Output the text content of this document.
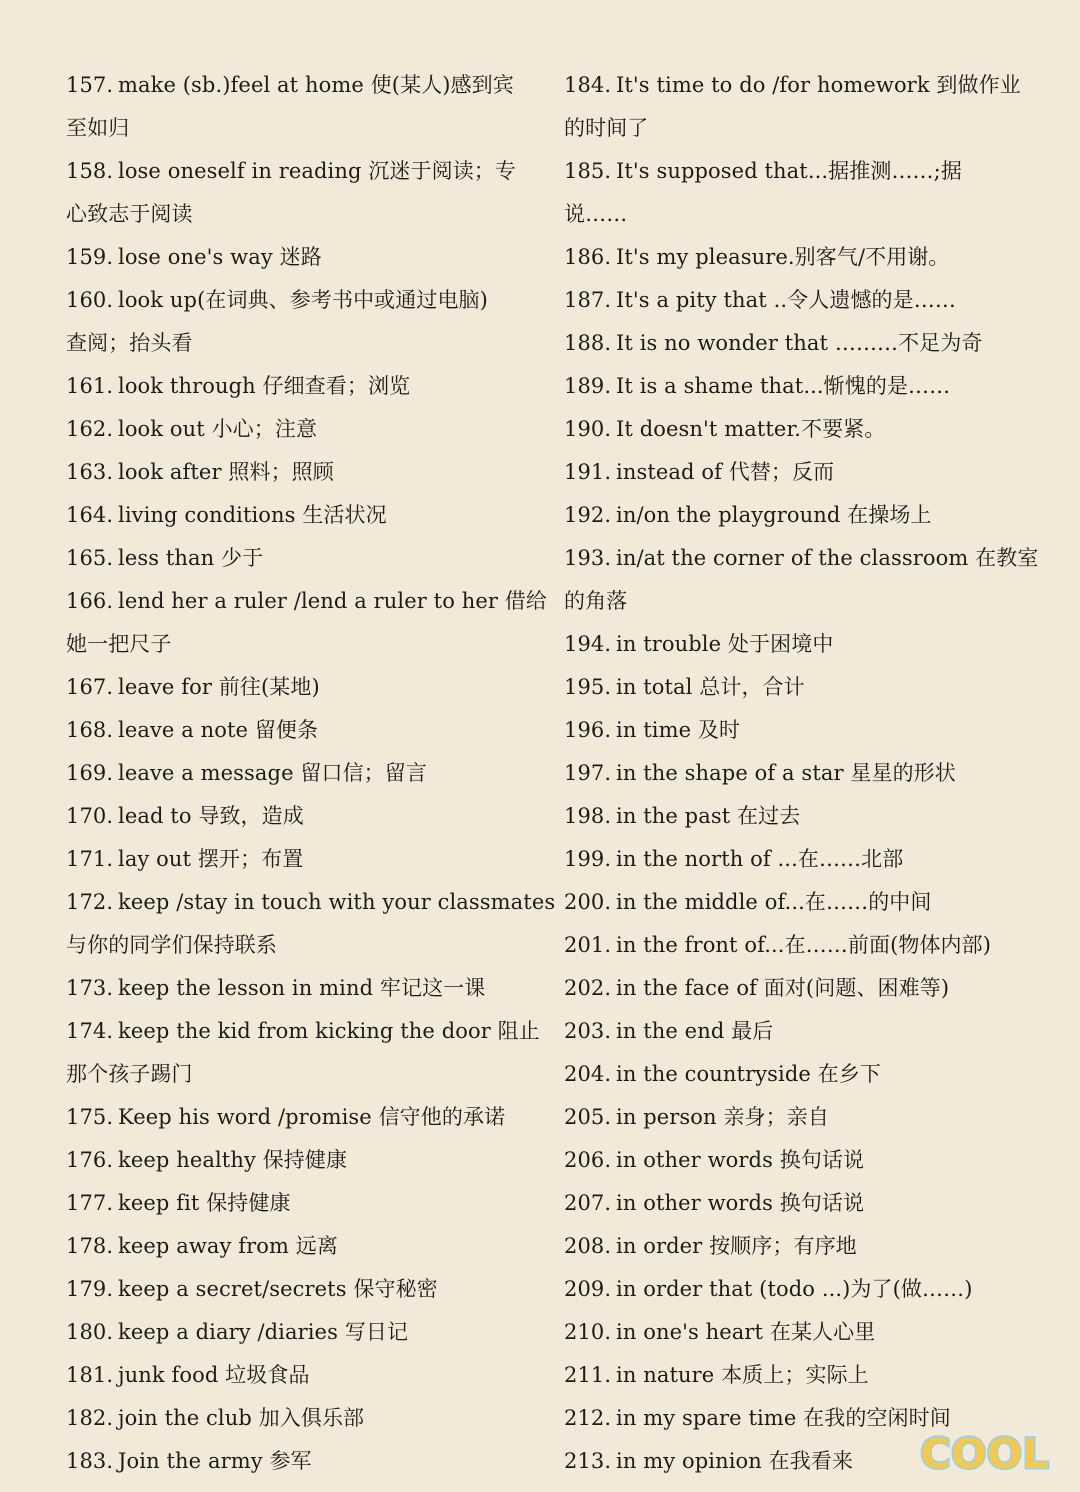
157. make (sb.)feel at home 使(某人)感到宾
至如归
158. lose oneself in reading 沉迷于阅读；专
心致志于阅读
159. lose one's way 迷路
160. look up(在词典、参考书中或通过电脑)
查阅；抬头看
161. look through 仔细查看；浏览
162. look out 小心；注意
163. look after 照料；照顾
164. living conditions 生活状况
165. less than 少于
166. lend her a ruler /lend a ruler to her 借给
她一把尺子
167. leave for 前往(某地)
168. leave a note 留便条
169. leave a message 留口信；留言
170. lead to 导致，造成
171. lay out 摆开；布置
172. keep /stay in touch with your classmates
与你的同学们保持联系
173. keep the lesson in mind 牢记这一课
174. keep the kid from kicking the door 阻止
那个孩子踢门
175. Keep his word /promise 信守他的承诺
176. keep healthy 保持健康
177. keep fit 保持健康
178. keep away from 远离
179. keep a secret/secrets 保守秘密
180. keep a diary /diaries 写日记
181. junk food 垃圾食品
182. join the club 加入俱乐部
183. Join the army 参军
184. It's time to do /for homework 到做作业
的时间了
185. It's supposed that...据推测……;据
说……
186. It's my pleasure.别客气/不用谢。
187. It's a pity that ..令人遗憾的是……
188. It is no wonder that ………不足为奇
189. It is a shame that...惭愧的是……
190. It doesn't matter.不要紧。
191. instead of 代替；反而
192. in/on the playground 在操场上
193. in/at the corner of the classroom 在教室
的角落
194. in trouble 处于困境中
195. in total 总计，合计
196. in time 及时
197. in the shape of a star 星星的形状
198. in the past 在过去
199. in the north of ...在……北部
200. in the middle of...在……的中间
201. in the front of...在……前面(物体内部)
202. in the face of 面对(问题、困难等)
203. in the end 最后
204. in the countryside 在乡下
205. in person 亲身；亲自
206. in other words 换句话说
207. in other words 换句话说
208. in order 按顺序；有序地
209. in order that (todo ...)为了(做……)
210. in one's heart 在某人心里
211. in nature 本质上；实际上
212. in my spare time 在我的空闲时间
213. in my opinion 在我看来	COOL
